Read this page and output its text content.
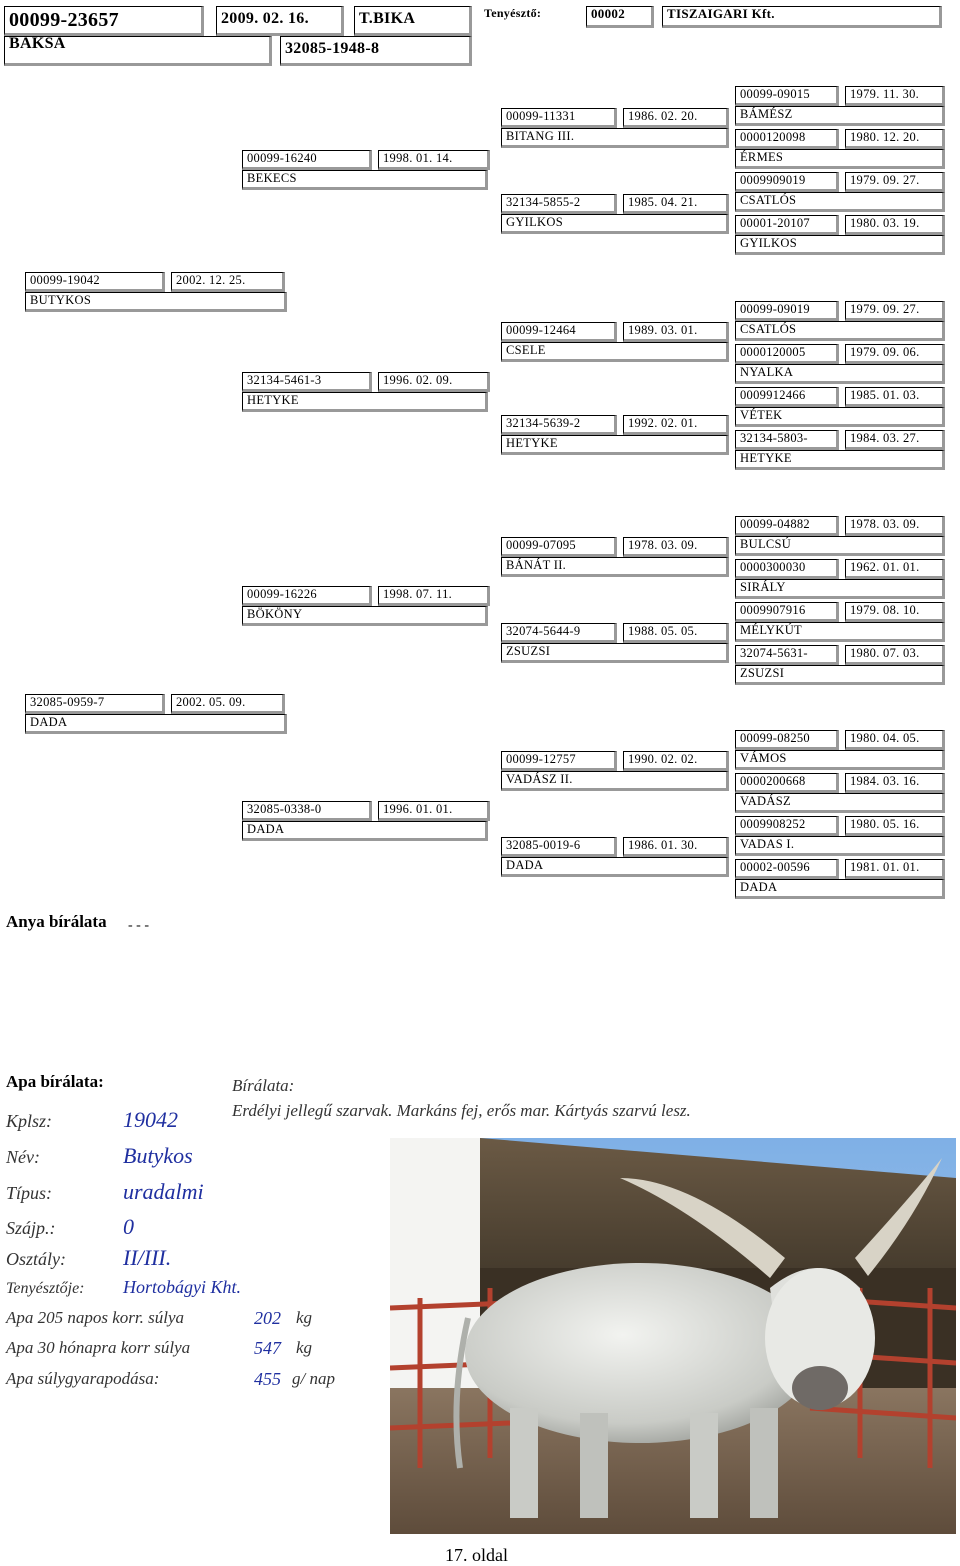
00099-23657	2009. 02. 16.	T.BIKA
BAKSA	32085-1948-8
Tenyésztő:	00002	TISZAIGARI Kft.
00099-19042	2002. 12. 25.
BUTYKOS
32085-0959-7	2002. 05. 09.
DADA
00099-16240	1998. 01. 14.
BEKECS
32134-5461-3	1996. 02. 09.
HETYKE
00099-16226	1998. 07. 11.
BÖKÖNY
32085-0338-0	1996. 01. 01.
DADA
00099-11331	1986. 02. 20.
BITANG III.
32134-5855-2	1985. 04. 21.
GYILKOS
00099-12464	1989. 03. 01.
CSELE
32134-5639-2	1992. 02. 01.
HETYKE
00099-07095	1978. 03. 09.
BÁNÁT II.
32074-5644-9	1988. 05. 05.
ZSUZSI
00099-12757	1990. 02. 02.
VADÁSZ II.
32085-0019-6	1986. 01. 30.
DADA
00099-09015	1979. 11. 30.
BÁMÉSZ
0000120098	1980. 12. 20.
ÉRMES
0009909019	1979. 09. 27.
CSATLÓS
00001-20107	1980. 03. 19.
GYILKOS
00099-09019	1979. 09. 27.
CSATLÓS
0000120005	1979. 09. 06.
NYALKA
0009912466	1985. 01. 03.
VÉTEK
32134-5803-	1984. 03. 27.
HETYKE
00099-04882	1978. 03. 09.
BULCSÚ
0000300030	1962. 01. 01.
SIRÁLY
0009907916	1979. 08. 10.
MÉLYKÚT
32074-5631-	1980. 07. 03.
ZSUZSI
00099-08250	1980. 04. 05.
VÁMOS
0000200668	1984. 03. 16.
VADÁSZ
0009908252	1980. 05. 16.
VADAS I.
00002-00596	1981. 01. 01.
DADA
Anya bírálata - - -
Apa bírálata:	Bírálata:
Erdélyi jellegű szarvak. Markáns fej, erős mar. Kártyás szarvú lesz.
Kplsz:	19042
Név:	Butykos
Típus:	uradalmi
Szájp.:	0
Osztály:	II/III.
Tenyésztője: Hortobágyi Kht.
Apa 205 napos korr. súlya	202 kg
Apa 30 hónapra korr súlya	547 kg
Apa súlygyarapodása:	455 g/ nap
17. oldal
